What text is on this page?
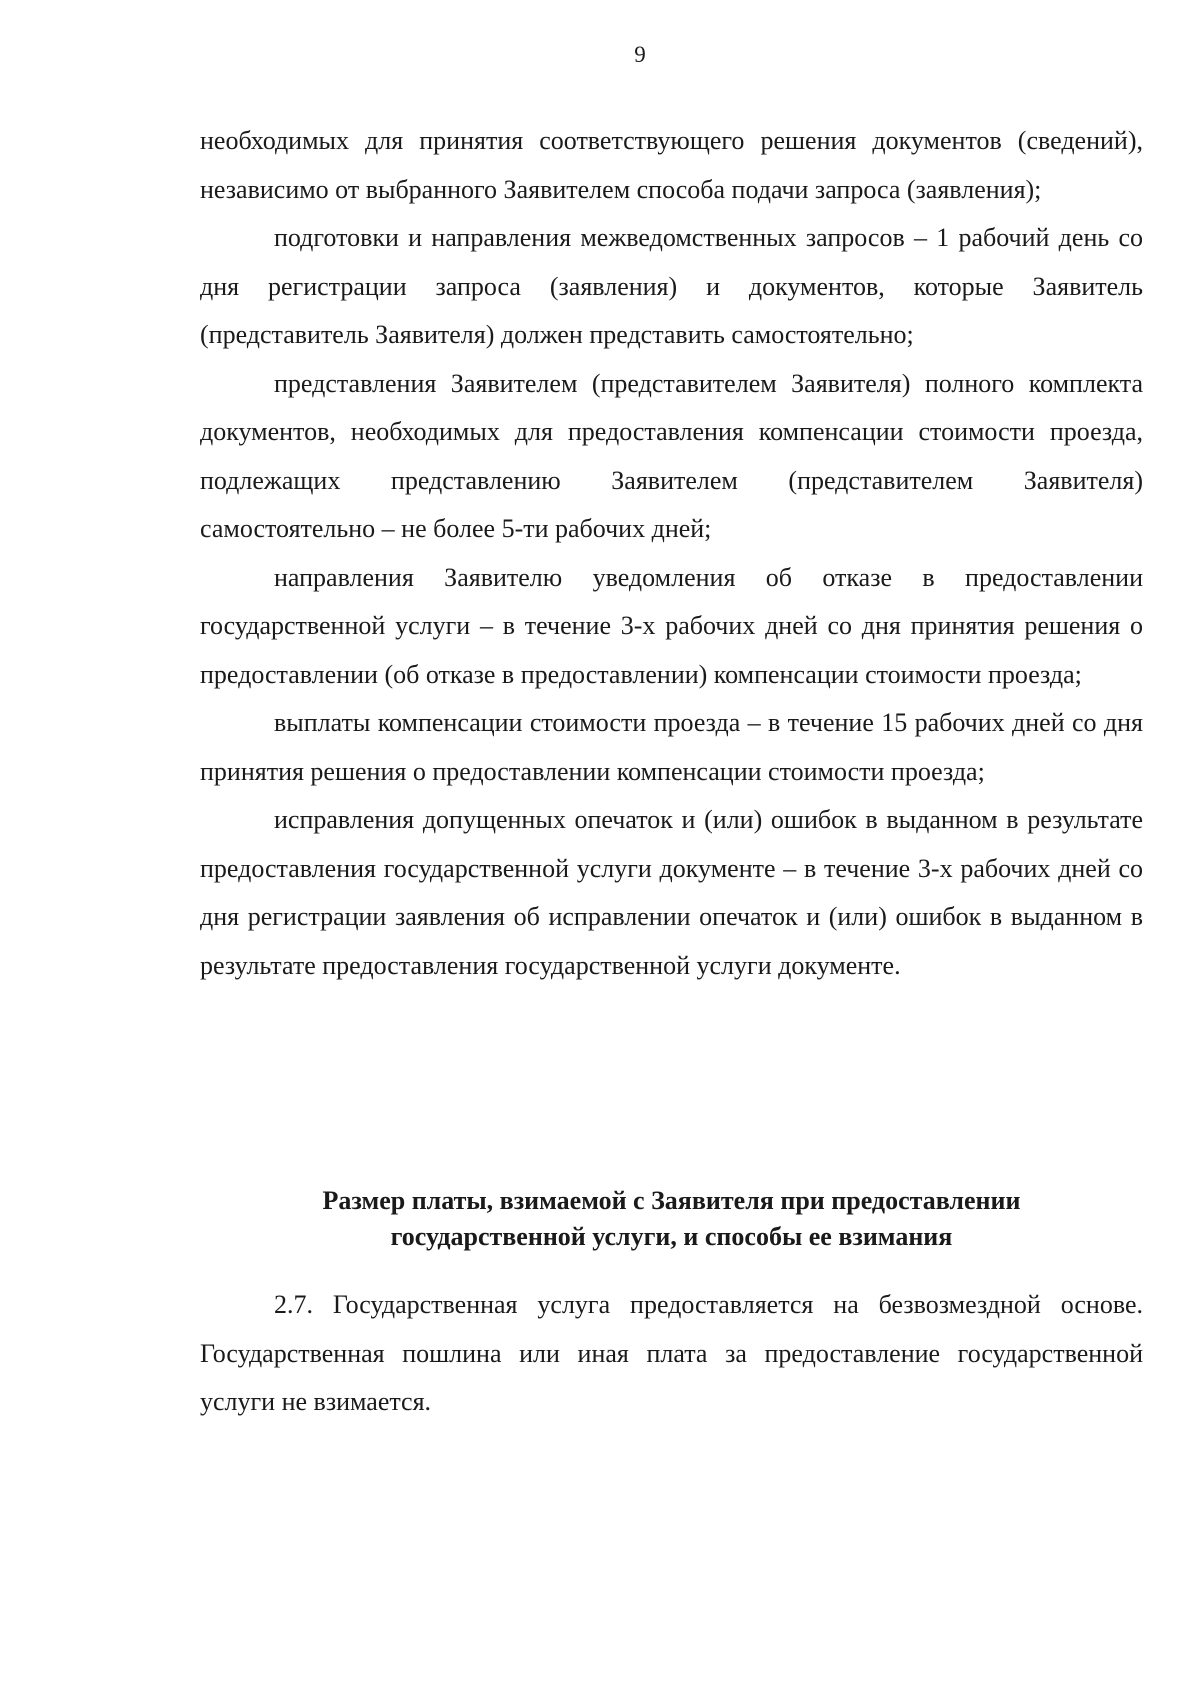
9

необходимых для принятия соответствующего решения документов (сведений), независимо от выбранного Заявителем способа подачи запроса (заявления);

подготовки и направления межведомственных запросов – 1 рабочий день со дня регистрации запроса (заявления) и документов, которые Заявитель (представитель Заявителя) должен представить самостоятельно;

представления Заявителем (представителем Заявителя) полного комплекта документов, необходимых для предоставления компенсации стоимости проезда, подлежащих представлению Заявителем (представителем Заявителя) самостоятельно – не более 5-ти рабочих дней;

направления Заявителю уведомления об отказе в предоставлении государственной услуги – в течение 3-х рабочих дней со дня принятия решения о предоставлении (об отказе в предоставлении) компенсации стоимости проезда;

выплаты компенсации стоимости проезда – в течение 15 рабочих дней со дня принятия решения о предоставлении компенсации стоимости проезда;

исправления допущенных опечаток и (или) ошибок в выданном в результате предоставления государственной услуги документе – в течение 3-х рабочих дней со дня регистрации заявления об исправлении опечаток и (или) ошибок в выданном в результате предоставления государственной услуги документе.

Размер платы, взимаемой с Заявителя при предоставлении
государственной услуги, и способы ее взимания

2.7. Государственная услуга предоставляется на безвозмездной основе. Государственная пошлина или иная плата за предоставление государственной услуги не взимается.
